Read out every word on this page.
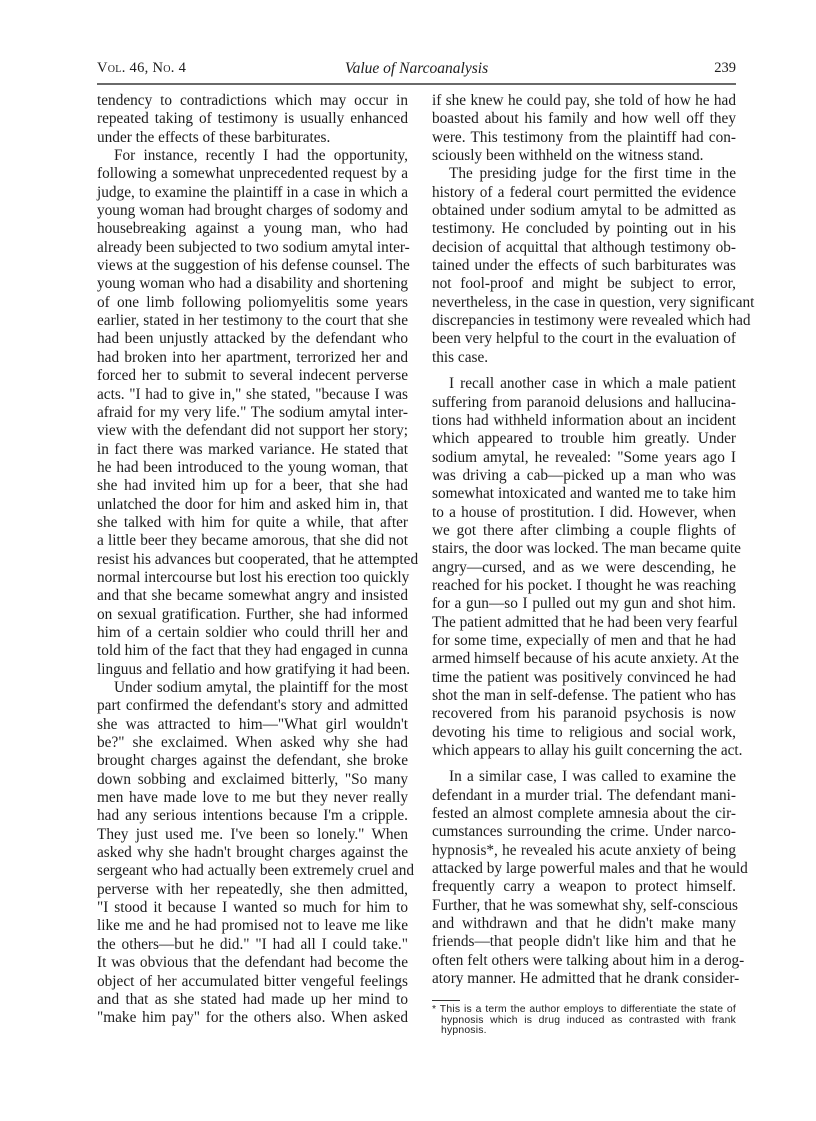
Vol. 46, No. 4	Value of Narcoanalysis	239
tendency to contradictions which may occur in
repeated taking of testimony is usually enhanced
under the effects of these barbiturates.
For instance, recently I had the opportunity,
following a somewhat unprecedented request by a
judge, to examine the plaintiff in a case in which a
young woman had brought charges of sodomy and
housebreaking against a young man, who had
already been subjected to two sodium amytal inter-
views at the suggestion of his defense counsel. The
young woman who had a disability and shortening
of one limb following poliomyelitis some years
earlier, stated in her testimony to the court that she
had been unjustly attacked by the defendant who
had broken into her apartment, terrorized her and
forced her to submit to several indecent perverse
acts. "I had to give in," she stated, "because I was
afraid for my very life." The sodium amytal inter-
view with the defendant did not support her story;
in fact there was marked variance. He stated that
he had been introduced to the young woman, that
she had invited him up for a beer, that she had
unlatched the door for him and asked him in, that
she talked with him for quite a while, that after
a little beer they became amorous, that she did not
resist his advances but cooperated, that he attempted
normal intercourse but lost his erection too quickly
and that she became somewhat angry and insisted
on sexual gratification. Further, she had informed
him of a certain soldier who could thrill her and
told him of the fact that they had engaged in cunna
linguus and fellatio and how gratifying it had been.
Under sodium amytal, the plaintiff for the most
part confirmed the defendant's story and admitted
she was attracted to him—"What girl wouldn't
be?" she exclaimed. When asked why she had
brought charges against the defendant, she broke
down sobbing and exclaimed bitterly, "So many
men have made love to me but they never really
had any serious intentions because I'm a cripple.
They just used me. I've been so lonely." When
asked why she hadn't brought charges against the
sergeant who had actually been extremely cruel and
perverse with her repeatedly, she then admitted,
"I stood it because I wanted so much for him to
like me and he had promised not to leave me like
the others—but he did." "I had all I could take."
It was obvious that the defendant had become the
object of her accumulated bitter vengeful feelings
and that as she stated had made up her mind to
"make him pay" for the others also. When asked
if she knew he could pay, she told of how he had
boasted about his family and how well off they
were. This testimony from the plaintiff had con-
sciously been withheld on the witness stand.
The presiding judge for the first time in the
history of a federal court permitted the evidence
obtained under sodium amytal to be admitted as
testimony. He concluded by pointing out in his
decision of acquittal that although testimony ob-
tained under the effects of such barbiturates was
not fool-proof and might be subject to error,
nevertheless, in the case in question, very significant
discrepancies in testimony were revealed which had
been very helpful to the court in the evaluation of
this case.
I recall another case in which a male patient
suffering from paranoid delusions and hallucina-
tions had withheld information about an incident
which appeared to trouble him greatly. Under
sodium amytal, he revealed: "Some years ago I
was driving a cab—picked up a man who was
somewhat intoxicated and wanted me to take him
to a house of prostitution. I did. However, when
we got there after climbing a couple flights of
stairs, the door was locked. The man became quite
angry—cursed, and as we were descending, he
reached for his pocket. I thought he was reaching
for a gun—so I pulled out my gun and shot him.
The patient admitted that he had been very fearful
for some time, expecially of men and that he had
armed himself because of his acute anxiety. At the
time the patient was positively convinced he had
shot the man in self-defense. The patient who has
recovered from his paranoid psychosis is now
devoting his time to religious and social work,
which appears to allay his guilt concerning the act.
In a similar case, I was called to examine the
defendant in a murder trial. The defendant mani-
fested an almost complete amnesia about the cir-
cumstances surrounding the crime. Under narco-
hypnosis*, he revealed his acute anxiety of being
attacked by large powerful males and that he would
frequently carry a weapon to protect himself.
Further, that he was somewhat shy, self-conscious
and withdrawn and that he didn't make many
friends—that people didn't like him and that he
often felt others were talking about him in a derog-
atory manner. He admitted that he drank consider-
* This is a term the author employs to differentiate the state of
hypnosis which is drug induced as contrasted with frank
hypnosis.
